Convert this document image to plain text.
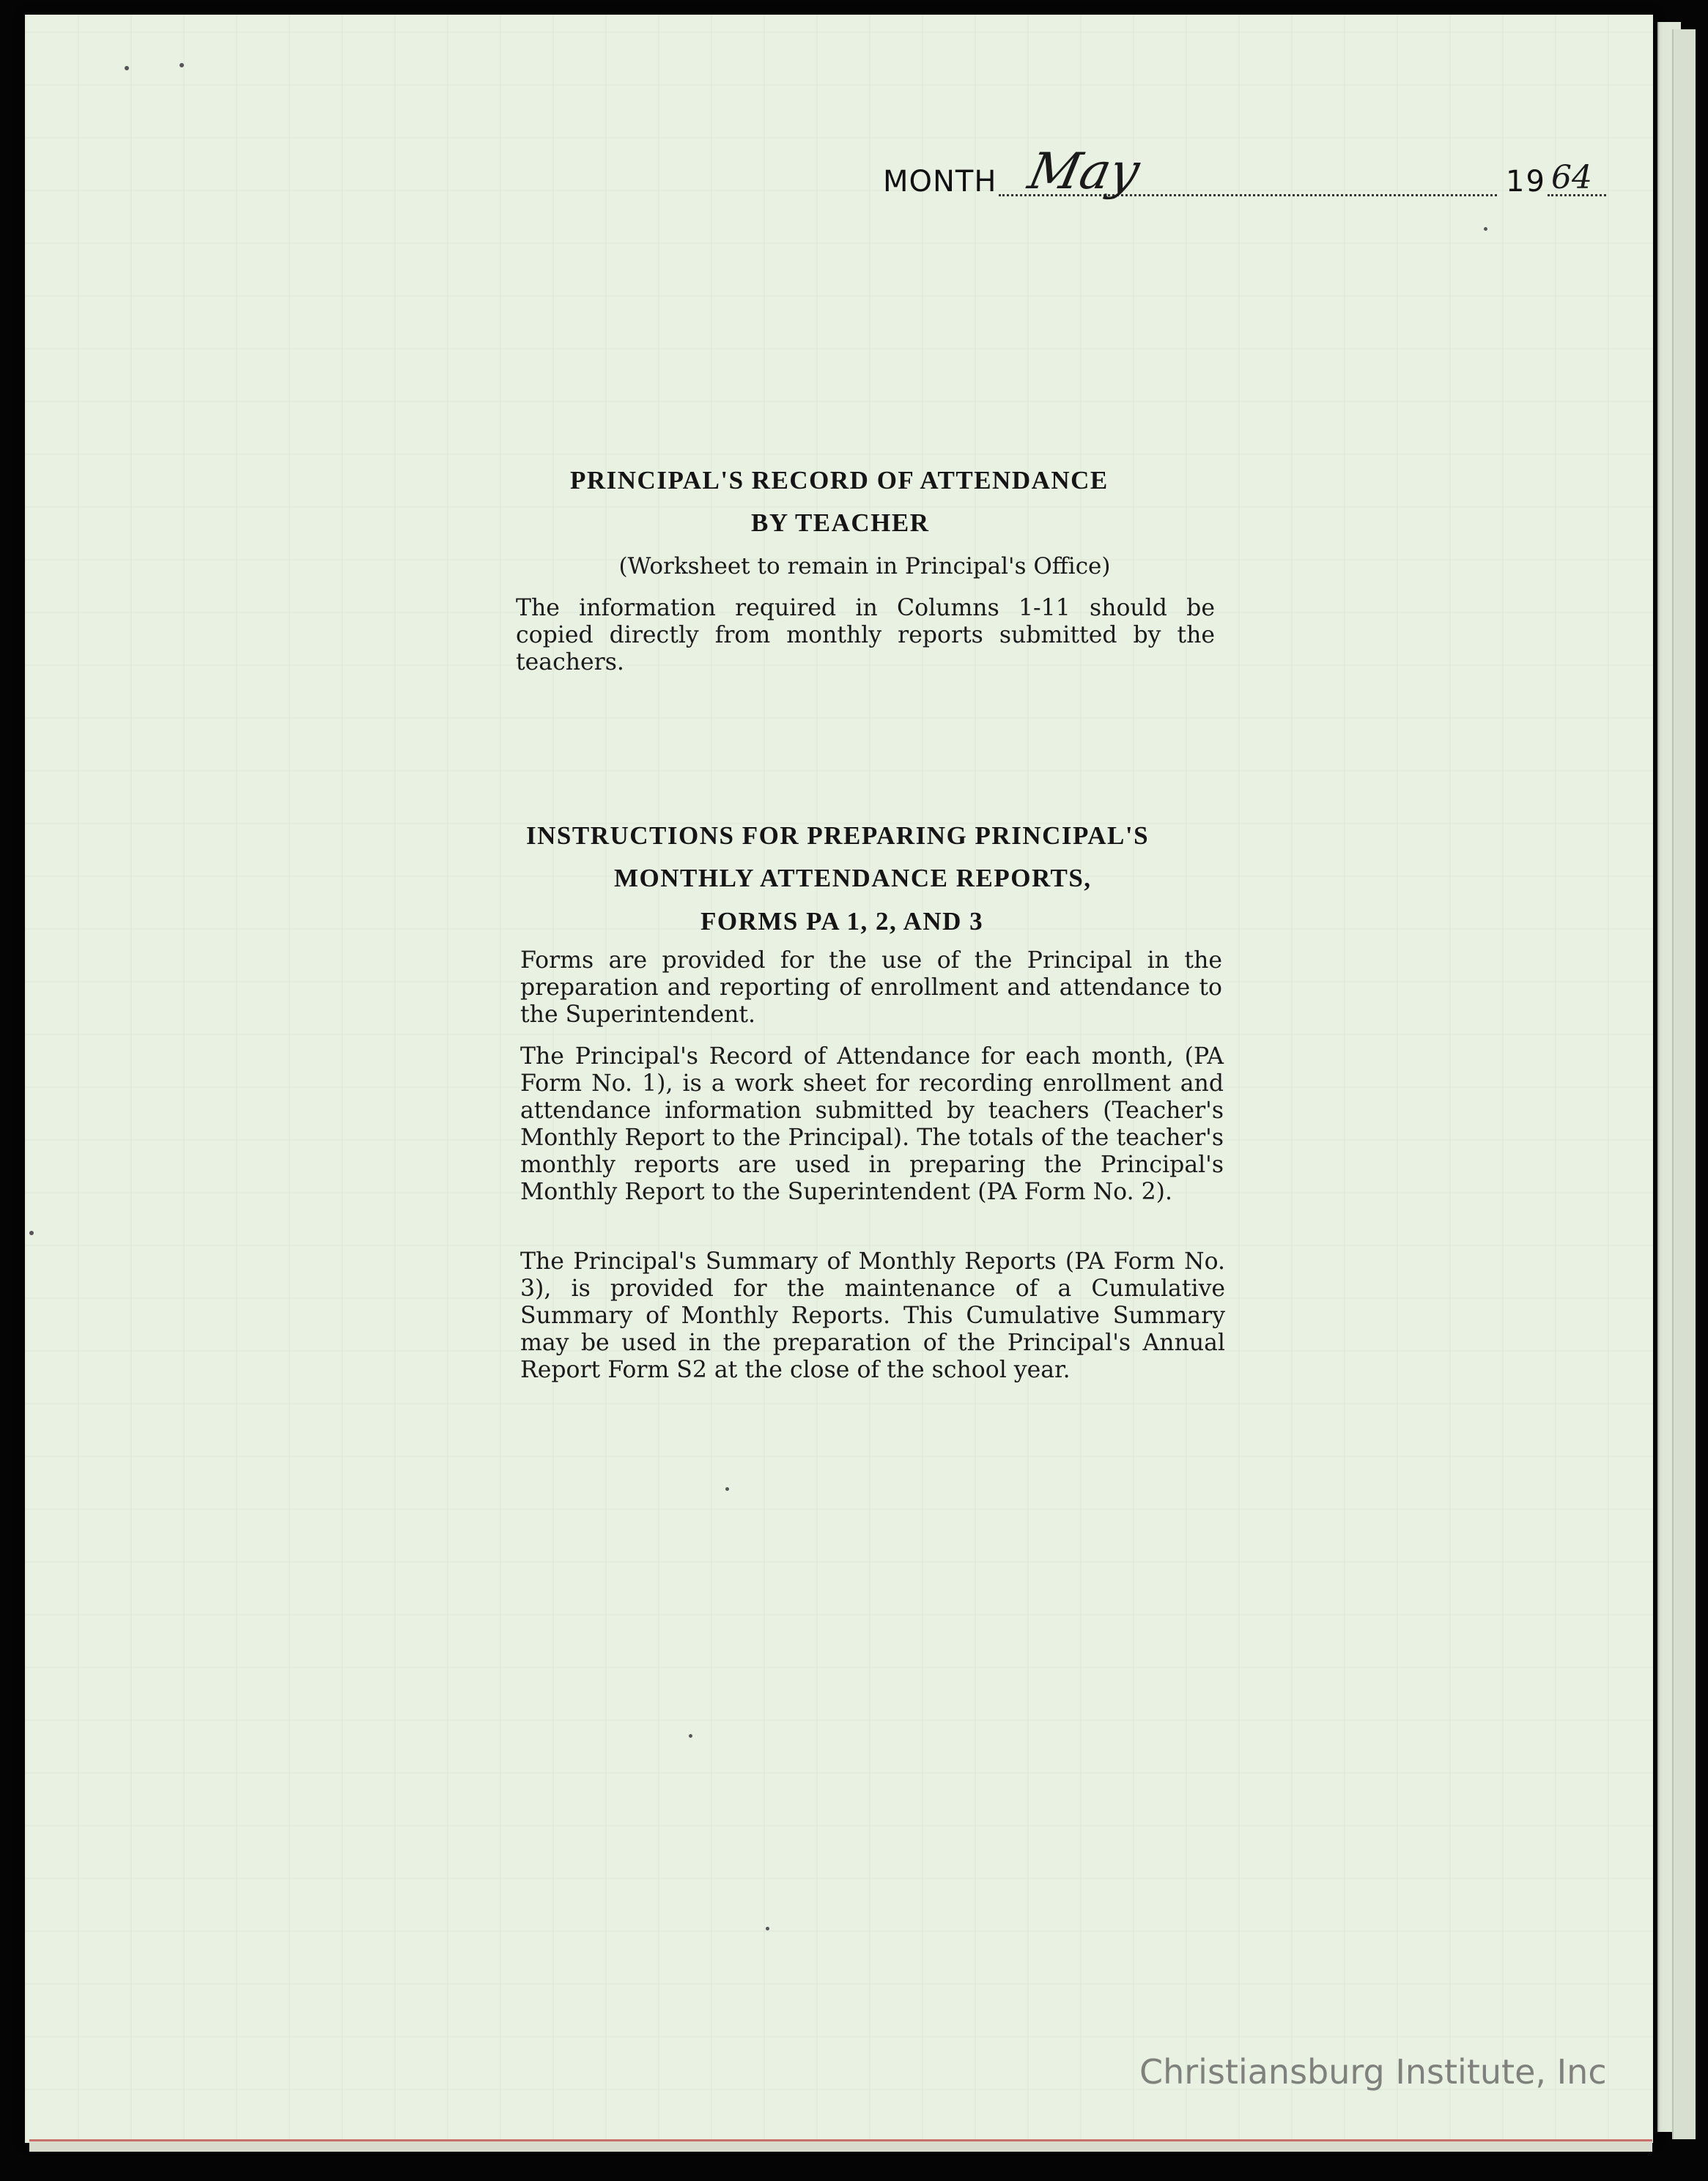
MONTH May	19 64
PRINCIPAL'S RECORD OF ATTENDANCE
BY TEACHER
(Worksheet to remain in Principal's Office)
The information required in Columns 1-11 should be copied directly from monthly reports submitted by the teachers.
INSTRUCTIONS FOR PREPARING PRINCIPAL'S
MONTHLY ATTENDANCE REPORTS,
FORMS PA 1, 2, AND 3
Forms are provided for the use of the Principal in the preparation and reporting of enrollment and attendance to the Superintendent.
The Principal's Record of Attendance for each month, (PA Form No. 1), is a work sheet for recording enrollment and attendance information submitted by teachers (Teacher's Monthly Report to the Principal). The totals of the teacher's monthly reports are used in preparing the Principal's Monthly Report to the Superintendent (PA Form No. 2).
The Principal's Summary of Monthly Reports (PA Form No. 3), is provided for the maintenance of a Cumulative Summary of Monthly Reports. This Cumulative Summary may be used in the preparation of the Principal's Annual Report Form S2 at the close of the school year.
Christiansburg Institute, Inc
